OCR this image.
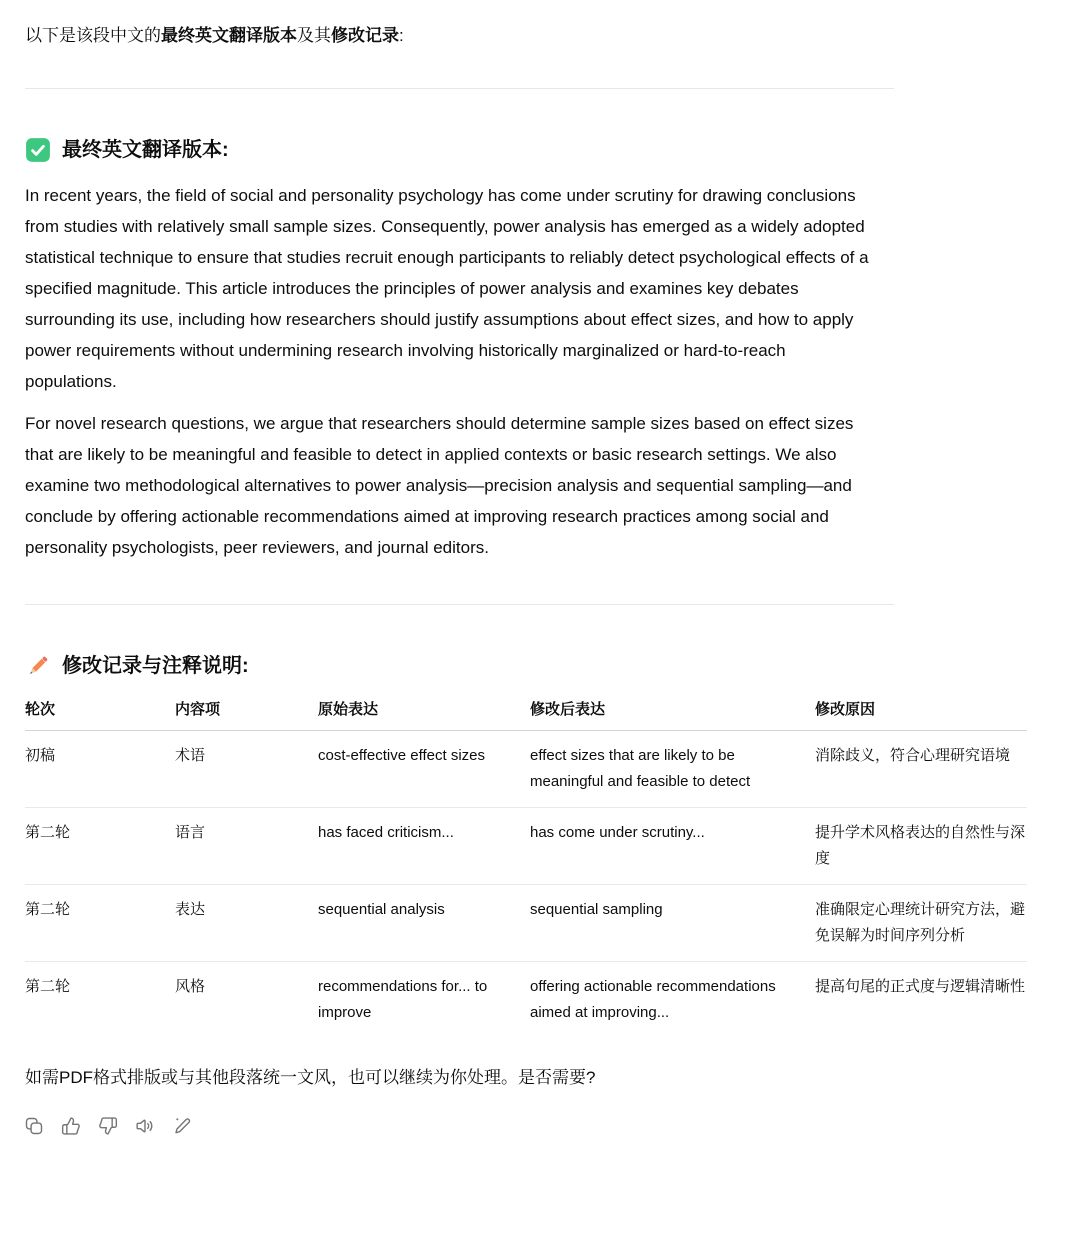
以下是该段中文的最终英文翻译版本及其修改记录:

最终英文翻译版本:

In recent years, the field of social and personality psychology has come under scrutiny for drawing conclusions from studies with relatively small sample sizes. Consequently, power analysis has emerged as a widely adopted statistical technique to ensure that studies recruit enough participants to reliably detect psychological effects of a specified magnitude. This article introduces the principles of power analysis and examines key debates surrounding its use, including how researchers should justify assumptions about effect sizes, and how to apply power requirements without undermining research involving historically marginalized or hard-to-reach populations.

For novel research questions, we argue that researchers should determine sample sizes based on effect sizes that are likely to be meaningful and feasible to detect in applied contexts or basic research settings. We also examine two methodological alternatives to power analysis—precision analysis and sequential sampling—and conclude by offering actionable recommendations aimed at improving research practices among social and personality psychologists, peer reviewers, and journal editors.

修改记录与注释说明:
轮次	内容项	原始表达	修改后表达	修改原因
初稿	术语	cost-effective effect sizes	effect sizes that are likely to be meaningful and feasible to detect	消除歧义，符合心理研究语境
第二轮	语言	has faced criticism...	has come under scrutiny...	提升学术风格表达的自然性与深度
第二轮	表达	sequential analysis	sequential sampling	准确限定心理统计研究方法，避免误解为时间序列分析
第二轮	风格	recommendations for... to improve	offering actionable recommendations aimed at improving...	提高句尾的正式度与逻辑清晰性

如需PDF格式排版或与其他段落统一文风，也可以继续为你处理。是否需要?
